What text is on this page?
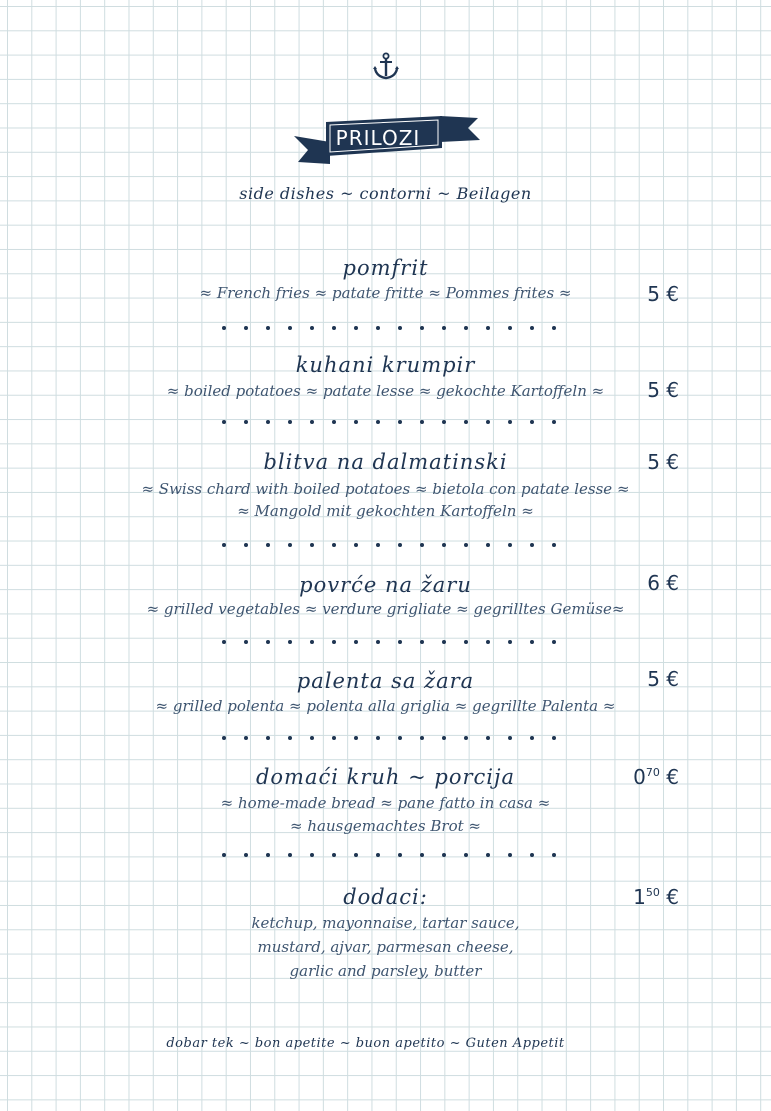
PRILOZI
side dishes ~ contorni ~ Beilagen
pomfrit
≈ French fries ≈ patate fritte ≈ Pommes frites ≈	5 €
kuhani krumpir
≈ boiled potatoes ≈ patate lesse ≈ gekochte Kartoffeln ≈	5 €
blitva na dalmatinski
≈ Swiss chard with boiled potatoes ≈ bietola con patate lesse ≈
≈ Mangold mit gekochten Kartoffeln ≈
5 €
povrće na žaru
≈ grilled vegetables ≈ verdure grigliate ≈ gegrilltes Gemüse≈
6 €
palenta sa žara
≈ grilled polenta ≈ polenta alla griglia ≈ gegrillte Palenta ≈
5 €
domaći kruh ~ porcija
≈ home-made bread ≈ pane fatto in casa ≈
≈ hausgemachtes Brot ≈
$0^{70}$ €
dodaci:
ketchup, mayonnaise, tartar sauce,
mustard, ajvar, parmesan cheese,
garlic and parsley, butter
$1^{50}$ €
dobar tek ~ bon apetite ~ buon apetito ~ Guten Appetit
